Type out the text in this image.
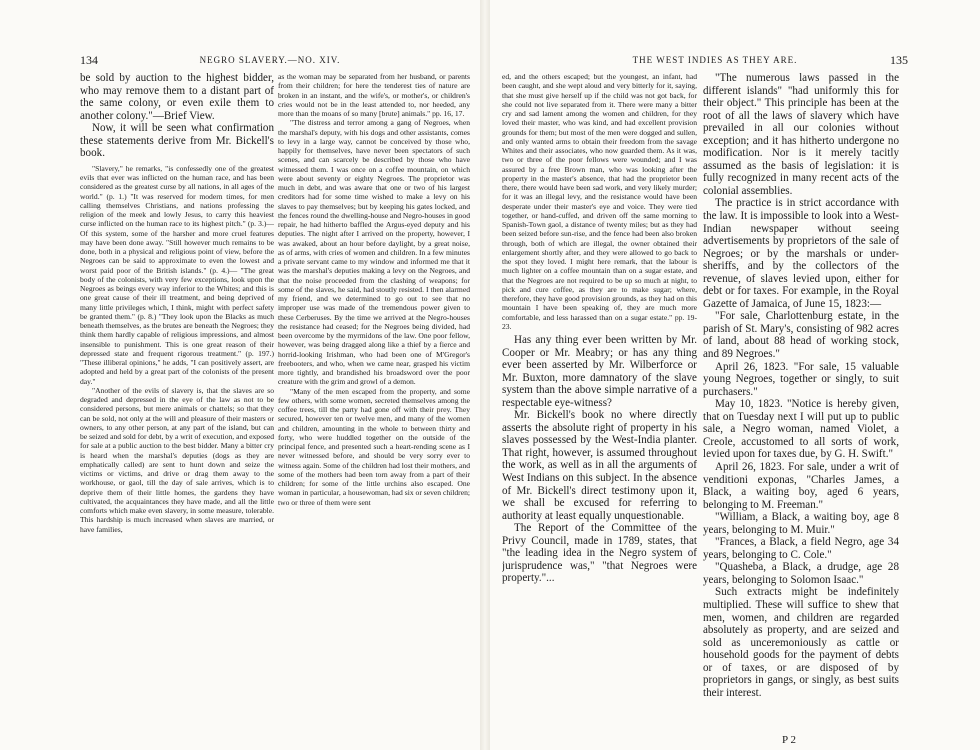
134	NEGRO SLAVERY.—NO. XIV.

be sold by auction to the highest bidder, who may remove them to a distant part of the same colony, or even exile them to another colony."—Brief View.

Now, it will be seen what confirmation these statements derive from Mr. Bickell's book.

"Slavery," he remarks, "is confessedly one of the greatest evils that ever was inflicted on the human race, and has been considered as the greatest curse by all nations, in all ages of the world." (p. 1.) "It was reserved for modern times, for men calling themselves Christians, and nations professing the religion of the meek and lowly Jesus, to carry this heaviest curse inflicted on the human race to its highest pitch." (p. 3.)—Of this system, some of the harsher and more cruel features may have been done away. "Still however much remains to be done, both in a physical and religious point of view, before the Negroes can be said to approximate to even the lowest and worst paid poor of the British islands." (p. 4.)— "The great body of the colonists, with very few exceptions, look upon the Negroes as beings every way inferior to the Whites; and this is one great cause of their ill treatment, and being deprived of many little privileges which, I think, might with perfect safety be granted them." (p. 8.) "They look upon the Blacks as much beneath themselves, as the brutes are beneath the Negroes; they think them hardly capable of religious impressions, and almost insensible to punishment. This is one great reason of their depressed state and frequent rigorous treatment." (p. 197.) "These illiberal opinions," he adds, "I can positively assert, are adopted and held by a great part of the colonists of the present day."

"Another of the evils of slavery is, that the slaves are so degraded and depressed in the eye of the law as not to be considered persons, but mere animals or chattels; so that they can be sold, not only at the will and pleasure of their masters or owners, to any other person, at any part of the island, but can be seized and sold for debt, by a writ of execution, and exposed for sale at a public auction to the best bidder. Many a bitter cry is heard when the marshal's deputies (dogs as they are emphatically called) are sent to hunt down and seize the victims or victims, and drive or drag them away to the workhouse, or gaol, till the day of sale arrives, which is to deprive them of their little homes, the gardens they have cultivated, the acquaintances they have made, and all the little comforts which make even slavery, in some measure, tolerable. This hardship is much increased when slaves are married, or have families,

as the woman may be separated from her husband, or parents from their children; for here the tenderest ties of nature are broken in an instant, and the wife's, or mother's, or children's cries would not be in the least attended to, nor heeded, any more than the moans of so many [brute] animals." pp. 16, 17.

"The distress and terror among a gang of Negroes, when the marshal's deputy, with his dogs and other assistants, comes to levy in a large way, cannot be conceived by those who, happily for themselves, have never been spectators of such scenes, and can scarcely be described by those who have witnessed them. I was once on a coffee mountain, on which were about seventy or eighty Negroes. The proprietor was much in debt, and was aware that one or two of his largest creditors had for some time wished to make a levy on his slaves to pay themselves; but by keeping his gates locked, and the fences round the dwelling-house and Negro-houses in good repair, he had hitherto baffled the Argus-eyed deputy and his deputies. The night after I arrived on the property, however, I was awaked, about an hour before daylight, by a great noise, as of arms, with cries of women and children. In a few minutes a private servant came to my window and informed me that it was the marshal's deputies making a levy on the Negroes, and that the noise proceeded from the clashing of weapons; for some of the slaves, he said, had stoutly resisted. I then alarmed my friend, and we determined to go out to see that no improper use was made of the tremendous power given to these Cerberuses. By the time we arrived at the Negro-houses the resistance had ceased; for the Negroes being divided, had been overcome by the myrmidons of the law. One poor fellow, however, was being dragged along like a thief by a fierce and horrid-looking Irishman, who had been one of M'Gregor's freebooters, and who, when we came near, grasped his victim more tightly, and brandished his broadsword over the poor creature with the grim and growl of a demon.

"Many of the men escaped from the property, and some few others, with some women, secreted themselves among the coffee trees, till the party had gone off with their prey. They secured, however ten or twelve men, and many of the women and children, amounting in the whole to between thirty and forty, who were huddled together on the outside of the principal fence, and presented such a heart-rending scene as I never witnessed before, and should be very sorry ever to witness again. Some of the children had lost their mothers, and some of the mothers had been torn away from a part of their children; for some of the little urchins also escaped. One woman in particular, a housewoman, had six or seven children; two or three of them were sent

THE WEST INDIES AS THEY ARE.	135

ed, and the others escaped; but the youngest, an infant, had been caught, and she wept aloud and very bitterly for it, saying, that she must give herself up if the child was not got back, for she could not live separated from it. There were many a bitter cry and sad lament among the women and children, for they loved their master, who was kind, and had excellent provision grounds for them; but most of the men were dogged and sullen, and only wanted arms to obtain their freedom from the savage Whites and their associates, who now guarded them. As it was, two or three of the poor fellows were wounded; and I was assured by a free Brown man, who was looking after the property in the master's absence, that had the proprietor been there, there would have been sad work, and very likely murder; for it was an illegal levy, and the resistance would have been desperate under their master's eye and voice. They were tied together, or hand-cuffed, and driven off the same morning to Spanish-Town gaol, a distance of twenty miles; but as they had been seized before sun-rise, and the fence had been also broken through, both of which are illegal, the owner obtained their enlargement shortly after, and they were allowed to go back to the spot they loved. I might here remark, that the labour is much lighter on a coffee mountain than on a sugar estate, and that the Negroes are not required to be up so much at night, to pick and cure coffee, as they are to make sugar; where, therefore, they have good provision grounds, as they had on this mountain I have been speaking of, they are much more comfortable, and less harassed than on a sugar estate." pp. 19-23.

Has any thing ever been written by Mr. Cooper or Mr. Meabry; or has any thing ever been asserted by Mr. Wilberforce or Mr. Buxton, more damnatory of the slave system than the above simple narrative of a respectable eye-witness?

Mr. Bickell's book no where directly asserts the absolute right of property in his slaves possessed by the West-India planter. That right, however, is assumed throughout the work, as well as in all the arguments of West Indians on this subject. In the absence of Mr. Bickell's direct testimony upon it, we shall be excused for referring to authority at least equally unquestionable.

The Report of the Committee of the Privy Council, made in 1789, states, that "the leading idea in the Negro system of jurisprudence was," "that Negroes were property."...

"The numerous laws passed in the different islands" "had uniformly this for their object." This principle has been at the root of all the laws of slavery which have prevailed in all our colonies without exception; and it has hitherto undergone no modification. Nor is it merely tacitly assumed as the basis of legislation: it is fully recognized in many recent acts of the colonial assemblies.

The practice is in strict accordance with the law. It is impossible to look into a West-Indian newspaper without seeing advertisements by proprietors of the sale of Negroes; or by the marshals or under-sheriffs, and by the collectors of the revenue, of slaves levied upon, either for debt or for taxes. For example, in the Royal Gazette of Jamaica, of June 15, 1823:—

"For sale, Charlottenburg estate, in the parish of St. Mary's, consisting of 982 acres of land, about 88 head of working stock, and 89 Negroes."

April 26, 1823. "For sale, 15 valuable young Negroes, together or singly, to suit purchasers."

May 10, 1823. "Notice is hereby given, that on Tuesday next I will put up to public sale, a Negro woman, named Violet, a Creole, accustomed to all sorts of work, levied upon for taxes due, by G. H. Swift."

April 26, 1823. For sale, under a writ of venditioni exponas, "Charles James, a Black, a waiting boy, aged 6 years, belonging to M. Freeman."

"William, a Black, a waiting boy, age 8 years, belonging to M. Muir."

"Frances, a Black, a field Negro, age 34 years, belonging to C. Cole."

"Quasheba, a Black, a drudge, age 28 years, belonging to Solomon Isaac."

Such extracts might be indefinitely multiplied. These will suffice to shew that men, women, and children are regarded absolutely as property, and are seized and sold as unceremoniously as cattle or household goods for the payment of debts or of taxes, or are disposed of by proprietors in gangs, or singly, as best suits their interest.

P 2
